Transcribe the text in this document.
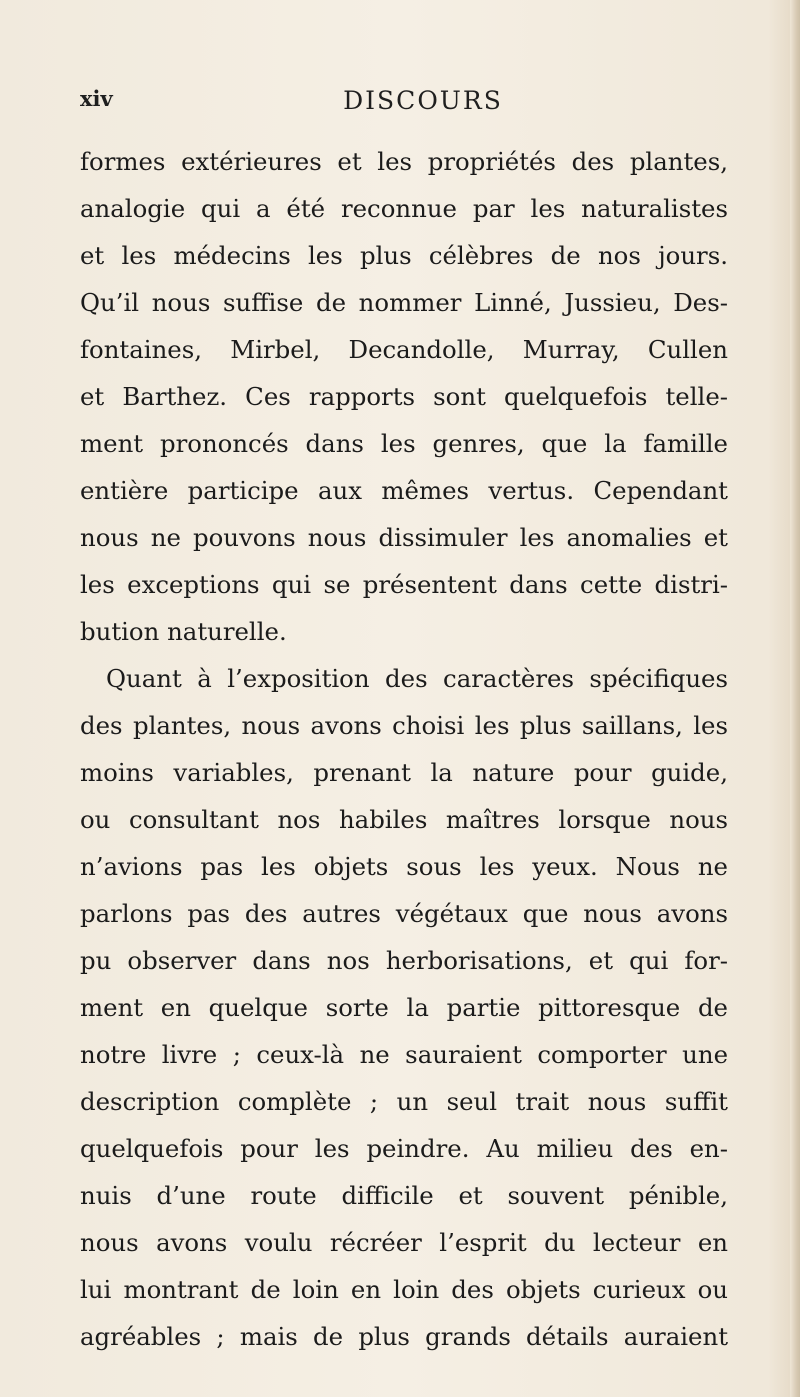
xiv	DISCOURS
formes extérieures et les propriétés des plantes,
analogie qui a été reconnue par les naturalistes
et les médecins les plus célèbres de nos jours.
Qu’il nous suffise de nommer Linné, Jussieu, Des-
fontaines, Mirbel, Decandolle, Murray, Cullen
et Barthez. Ces rapports sont quelquefois telle-
ment prononcés dans les genres, que la famille
entière participe aux mêmes vertus. Cependant
nous ne pouvons nous dissimuler les anomalies et
les exceptions qui se présentent dans cette distri-
bution naturelle.
Quant à l’exposition des caractères spécifiques
des plantes, nous avons choisi les plus saillans, les
moins variables, prenant la nature pour guide,
ou consultant nos habiles maîtres lorsque nous
n’avions pas les objets sous les yeux. Nous ne
parlons pas des autres végétaux que nous avons
pu observer dans nos herborisations, et qui for-
ment en quelque sorte la partie pittoresque de
notre livre ; ceux-là ne sauraient comporter une
description complète ; un seul trait nous suffit
quelquefois pour les peindre. Au milieu des en-
nuis d’une route difficile et souvent pénible,
nous avons voulu récréer l’esprit du lecteur en
lui montrant de loin en loin des objets curieux ou
agréables ; mais de plus grands détails auraient
